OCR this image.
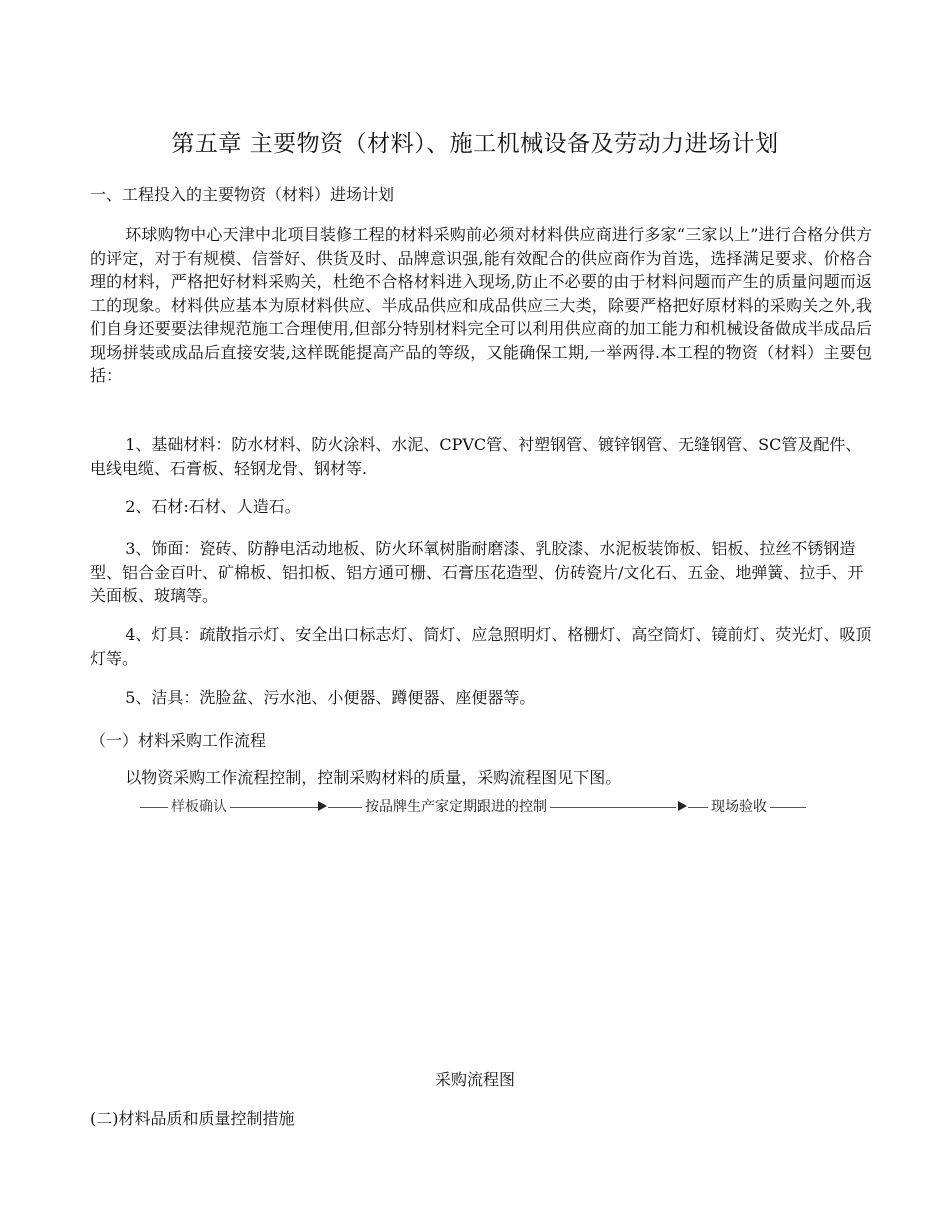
第五章 主要物资（材料）、施工机械设备及劳动力进场计划
一、工程投入的主要物资（材料）进场计划
环球购物中心天津中北项目装修工程的材料采购前必须对材料供应商进行多家“三家以上”进行合格分供方的评定，对于有规模、信誉好、供货及时、品牌意识强,能有效配合的供应商作为首选，选择满足要求、价格合理的材料，严格把好材料采购关，杜绝不合格材料进入现场,防止不必要的由于材料问题而产生的质量问题而返工的现象。材料供应基本为原材料供应、半成品供应和成品供应三大类，除要严格把好原材料的采购关之外,我们自身还要要法律规范施工合理使用,但部分特别材料完全可以利用供应商的加工能力和机械设备做成半成品后现场拼装或成品后直接安装,这样既能提高产品的等级，又能确保工期,一举两得.本工程的物资（材料）主要包括：
1、基础材料：防水材料、防火涂料、水泥、CPVC管、衬塑钢管、镀锌钢管、无缝钢管、SC管及配件、电线电缆、石膏板、轻钢龙骨、钢材等.
2、石材:石材、人造石。
3、饰面：瓷砖、防静电活动地板、防火环氧树脂耐磨漆、乳胶漆、水泥板装饰板、铝板、拉丝不锈钢造型、铝合金百叶、矿棉板、铝扣板、铝方通可栅、石膏压花造型、仿砖瓷片/文化石、五金、地弹簧、拉手、开关面板、玻璃等。
4、灯具：疏散指示灯、安全出口标志灯、筒灯、应急照明灯、格栅灯、高空筒灯、镜前灯、荧光灯、吸顶灯等。
5、洁具：洗脸盆、污水池、小便器、蹲便器、座便器等。
（一）材料采购工作流程
以物资采购工作流程控制，控制采购材料的质量，采购流程图见下图。
样板确认	按品牌生产家定期跟进的控制	现场验收
采购流程图
(二)材料品质和质量控制措施
